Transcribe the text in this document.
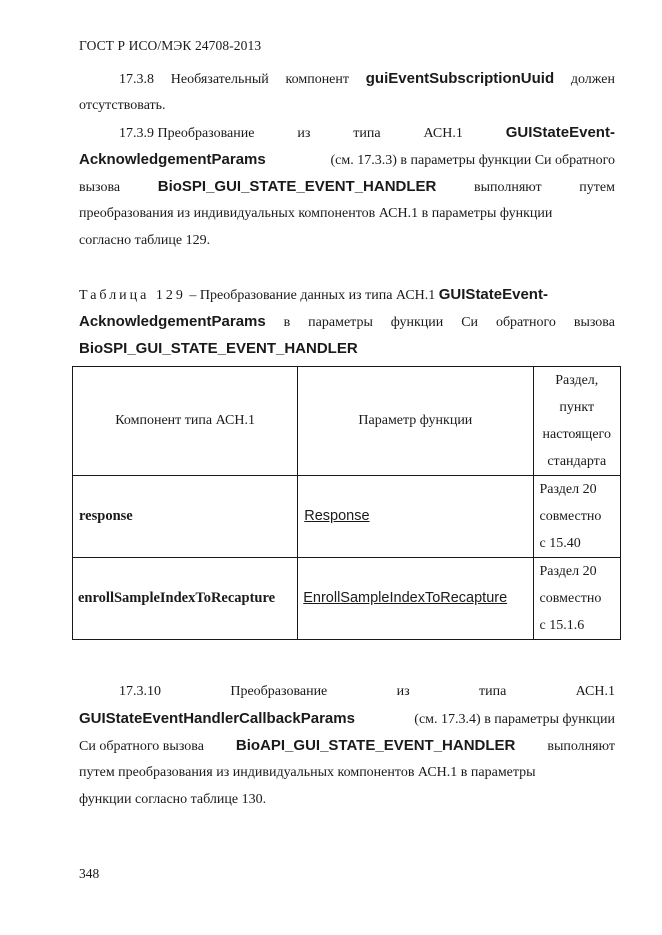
ГОСТ Р ИСО/МЭК 24708-2013
17.3.8 Необязательный компонент guiEventSubscriptionUuid должен
отсутствовать.
17.3.9 Преобразование	из	типа	АСН.1	GUIStateEvent-
AcknowledgementParams	(см. 17.3.3) в параметры функции Си обратного
вызова	BioSPI_GUI_STATE_EVENT_HANDLER	выполняют	путем
преобразования из индивидуальных компонентов АСН.1 в параметры функции
согласно таблице 129.
Таблица 129 – Преобразование данных из типа АСН.1 GUIStateEvent-
AcknowledgementParams в параметры функции Си обратного вызова
BioSPI_GUI_STATE_EVENT_HANDLER
Компонент типа АСН.1	Параметр функции	Раздел,
пункт
настоящего
стандарта

response	Response	Раздел 20
совместно
с 15.40

enrollSampleIndexToRecapture	EnrollSampleIndexToRecapture	Раздел 20
совместно
с 15.1.6
17.3.10	Преобразование	из	типа	АСН.1
GUIStateEventHandlerCallbackParams	(см. 17.3.4) в параметры функции
Си обратного вызова BioAPI_GUI_STATE_EVENT_HANDLER выполняют
путем преобразования из индивидуальных компонентов АСН.1 в параметры
функции согласно таблице 130.
348
